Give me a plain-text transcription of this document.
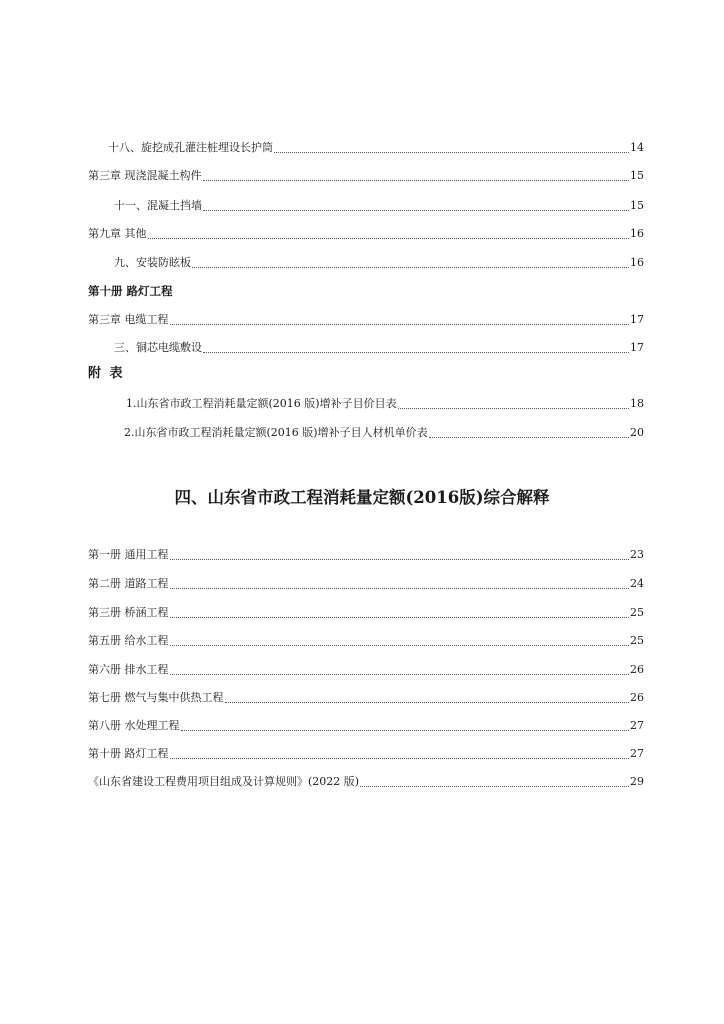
十八、旋挖成孔灌注桩埋设长护筒	14
第三章 现浇混凝土构件	15
十一、混凝土挡墙	15
第九章 其他	16
九、安装防眩板	16
第十册 路灯工程
第三章 电缆工程	17
三、铜芯电缆敷设	17
附 表
1.山东省市政工程消耗量定额(2016 版)增补子目价目表	18
2.山东省市政工程消耗量定额(2016 版)增补子目人材机单价表	20
四、山东省市政工程消耗量定额(2016版)综合解释
第一册 通用工程	23
第二册 道路工程	24
第三册 桥涵工程	25
第五册 给水工程	25
第六册 排水工程	26
第七册 燃气与集中供热工程	26
第八册 水处理工程	27
第十册 路灯工程	27
《山东省建设工程费用项目组成及计算规则》(2022 版)	29
